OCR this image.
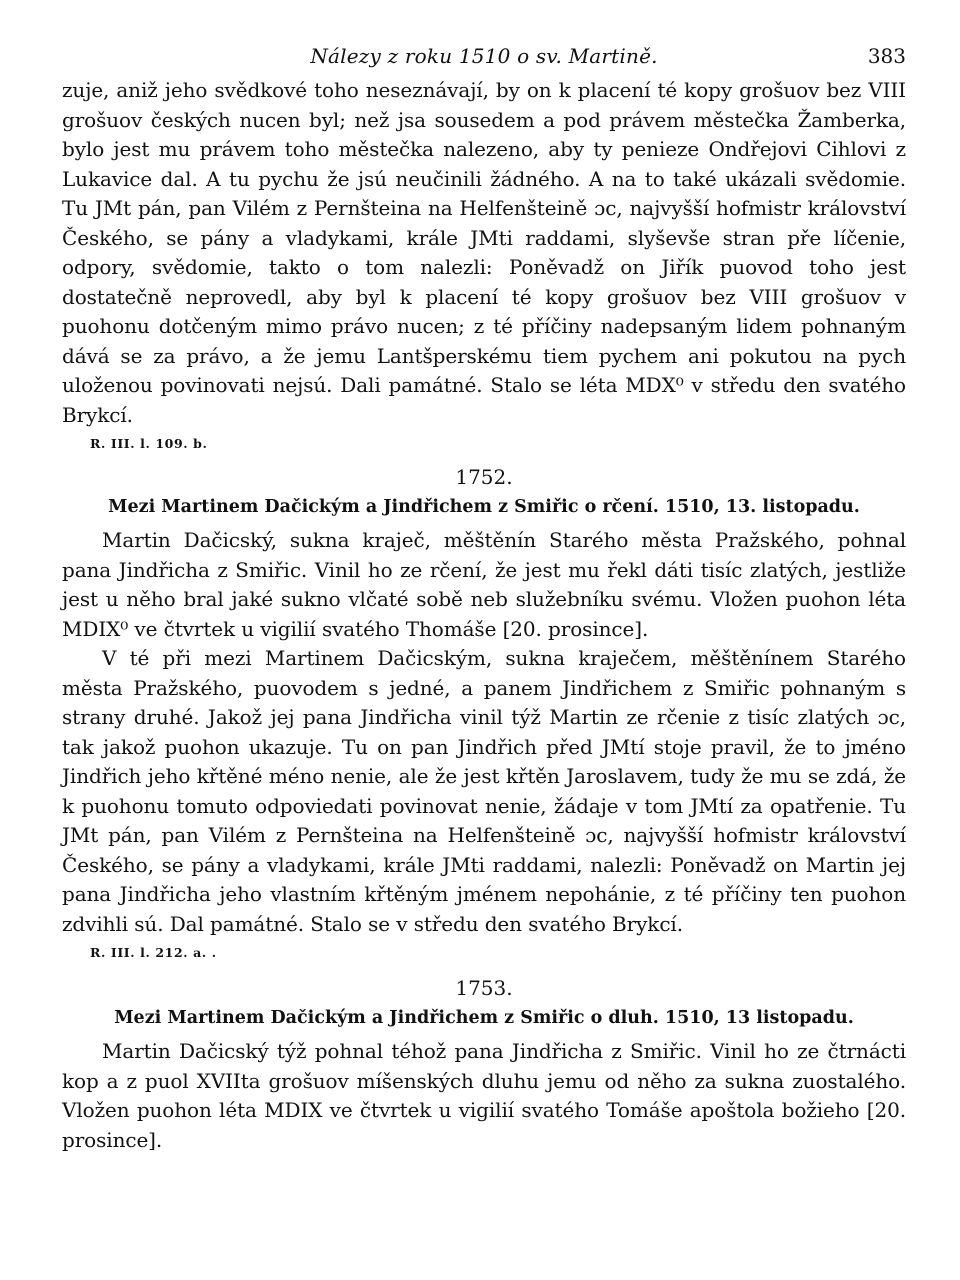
Nálezy z roku 1510 o sv. Martině.	383

zuje, aniž jeho svědkové toho neseznávají, by on k placení té kopy grošuov bez VIII grošuov českých nucen byl; než jsa sousedem a pod právem městečka Žamberka, bylo jest mu právem toho městečka nalezeno, aby ty penieze Ondřejovi Cihlovi z Lukavice dal. A tu pychu že jsú neučinili žádného. A na to také ukázali svědomie. Tu JMt pán, pan Vilém z Pernšteina na Helfenšteině ɔc, najvyšší hofmistr království Českého, se pány a vladykami, krále JMti raddami, slyševše stran pře líčenie, odpory, svědomie, takto o tom nalezli: Poněvadž on Jiřík puovod toho jest dostatečně neprovedl, aby byl k placení té kopy grošuov bez VIII grošuov v puohonu dotčeným mimo právo nucen; z té příčiny nadepsaným lidem pohnaným dává se za právo, a že jemu Lantšperskému tiem pychem ani pokutou na pych uloženou povinovati nejsú. Dali památné. Stalo se léta MDX⁰ v středu den svatého Brykcí.

R. III. l. 109. b.
1752.
Mezi Martinem Dačickým a Jindřichem z Smiřic o rčení. 1510, 13. listopadu.

Martin Dačicský, sukna kraječ, měštěnín Starého města Pražského, pohnal pana Jindřicha z Smiřic. Vinil ho ze rčení, že jest mu řekl dáti tisíc zlatých, jestliže jest u něho bral jaké sukno vlčaté sobě neb služebníku svému. Vložen puohon léta MDIX⁰ ve čtvrtek u vigilií svatého Thomáše [20. prosince].

V té při mezi Martinem Dačicským, sukna kraječem, měštěnínem Starého města Pražského, puovodem s jedné, a panem Jindřichem z Smiřic pohnaným s strany druhé. Jakož jej pana Jindřicha vinil týž Martin ze rčenie z tisíc zlatých ɔc, tak jakož puohon ukazuje. Tu on pan Jindřich před JMtí stoje pravil, že to jméno Jindřich jeho křtěné méno nenie, ale že jest křtěn Jaroslavem, tudy že mu se zdá, že k puohonu tomuto odpoviedati povinovat nenie, žádaje v tom JMtí za opatřenie. Tu JMt pán, pan Vilém z Pernšteina na Helfenšteině ɔc, najvyšší hofmistr království Českého, se pány a vladykami, krále JMti raddami, nalezli: Poněvadž on Martin jej pana Jindřicha jeho vlastním křtěným jménem nepohánie, z té příčiny ten puohon zdvihli sú. Dal památné. Stalo se v středu den svatého Brykcí.

R. III. l. 212. a. .
1753.
Mezi Martinem Dačickým a Jindřichem z Smiřic o dluh. 1510, 13 listopadu.

Martin Dačicský týž pohnal téhož pana Jindřicha z Smiřic. Vinil ho ze čtrnácti kop a z puol XVIIta grošuov míšenských dluhu jemu od něho za sukna zuostalého. Vložen puohon léta MDIX ve čtvrtek u vigilií svatého Tomáše apoštola božieho [20. prosince].
